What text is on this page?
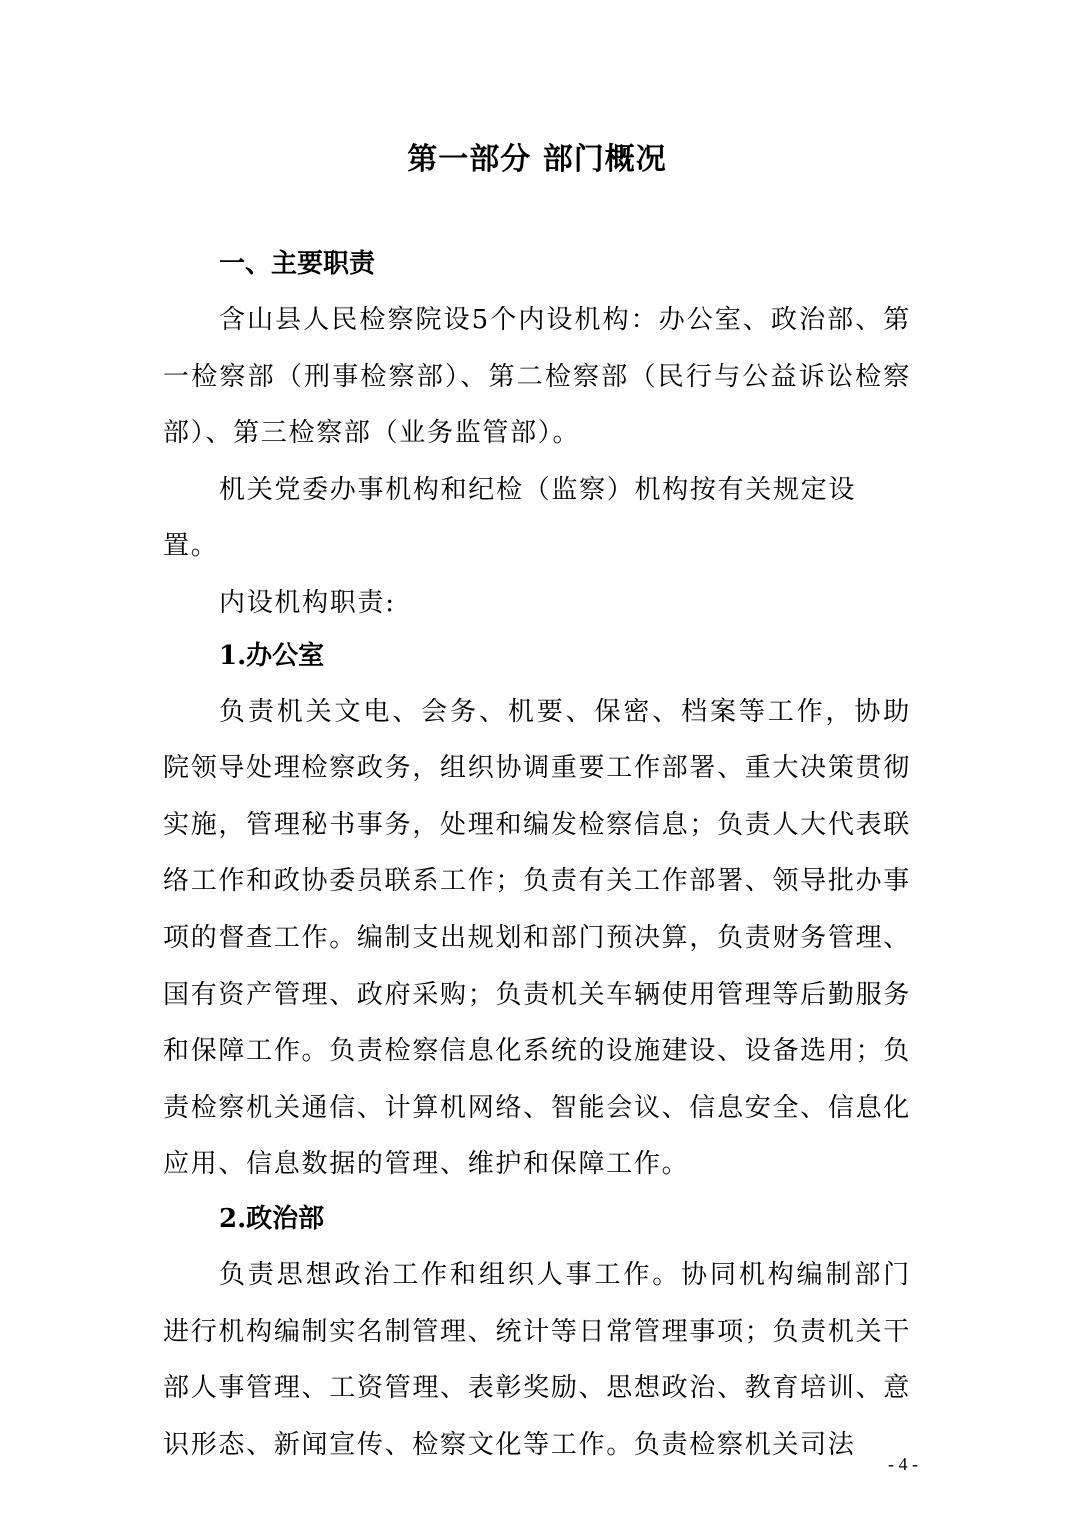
第一部分 部门概况
一、主要职责

含山县人民检察院设5个内设机构：办公室、政治部、第一检察部（刑事检察部）、第二检察部（民行与公益诉讼检察部）、第三检察部（业务监管部）。

机关党委办事机构和纪检（监察）机构按有关规定设置。

内设机构职责:

1.办公室

负责机关文电、会务、机要、保密、档案等工作，协助院领导处理检察政务，组织协调重要工作部署、重大决策贯彻实施，管理秘书事务，处理和编发检察信息；负责人大代表联络工作和政协委员联系工作；负责有关工作部署、领导批办事项的督查工作。编制支出规划和部门预决算，负责财务管理、国有资产管理、政府采购；负责机关车辆使用管理等后勤服务和保障工作。负责检察信息化系统的设施建设、设备选用；负责检察机关通信、计算机网络、智能会议、信息安全、信息化应用、信息数据的管理、维护和保障工作。

2.政治部

负责思想政治工作和组织人事工作。协同机构编制部门进行机构编制实名制管理、统计等日常管理事项；负责机关干部人事管理、工资管理、表彰奖励、思想政治、教育培训、意识形态、新闻宣传、检察文化等工作。负责检察机关司法

- 4 -
